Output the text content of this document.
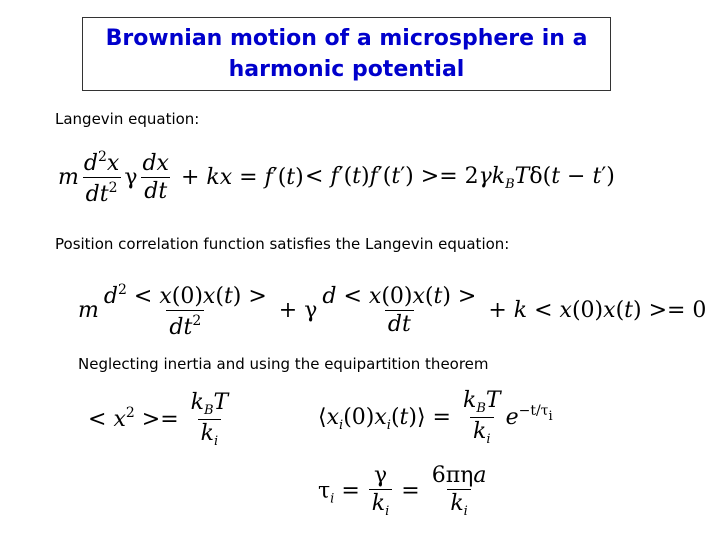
Brownian motion of a microsphere in a
harmonic potential
Langevin equation:
m $\frac{d^2x}{dt^2}$ γ $\frac{dx}{dt}$ + kx = $f'(t) < f'(t)f'(t') >= 2\gamma k_BT\delta(t - t')$
Position correlation function satisfies the Langevin equation:
m $\frac{d^2 < x(0)x(t) >}{dt^2} + \gamma \frac{d < x(0)x(t) >}{dt} + k < x(0)x(t) >= 0$
Neglecting inertia and using the equipartition theorem
< $x^2 >= \frac{k_BT}{k_i}$	$⟨x_i(0)x_i(t)⟩ = \frac{k_BT}{k_i} e^{-t/\tau_i}$
$\tau_i = \frac{\gamma}{k_i} = \frac{\text{6πηa}}{k_i}$
